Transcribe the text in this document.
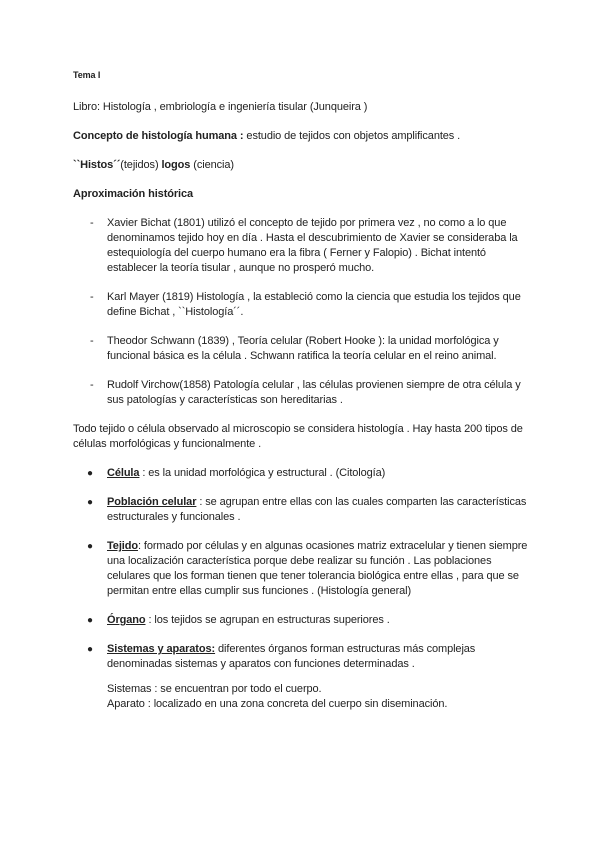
Tema I

Libro: Histología , embriología e ingeniería tisular (Junqueira )

Concepto de histología humana : estudio de tejidos con objetos amplificantes .

``Histos´´(tejidos) logos (ciencia)

Aproximación histórica

- Xavier Bichat (1801) utilizó el concepto de tejido por primera vez , no como a lo que denominamos tejido hoy en día . Hasta el descubrimiento de Xavier se consideraba la estequiología del cuerpo humano era la fibra ( Ferner y Falopio) . Bichat intentó establecer la teoría tisular , aunque no prosperó mucho.
- Karl Mayer (1819) Histología , la estableció como la ciencia que estudia los tejidos que define Bichat , ``Histología´´.
- Theodor Schwann (1839) , Teoría celular (Robert Hooke ): la unidad morfológica y funcional básica es la célula . Schwann ratifica la teoría celular en el reino animal.
- Rudolf Virchow(1858) Patología celular , las células provienen siempre de otra célula y sus patologías y características son hereditarias .

Todo tejido o célula observado al microscopio se considera histología . Hay hasta 200 tipos de células morfológicas y funcionalmente .

● Célula : es la unidad morfológica y estructural . (Citología)
● Población celular : se agrupan entre ellas con las cuales comparten las características estructurales y funcionales .
● Tejido: formado por células y en algunas ocasiones matriz extracelular y tienen siempre una localización característica porque debe realizar su función . Las poblaciones celulares que los forman tienen que tener tolerancia biológica entre ellas , para que se permitan entre ellas cumplir sus funciones . (Histología general)
● Órgano : los tejidos se agrupan en estructuras superiores .
● Sistemas y aparatos: diferentes órganos forman estructuras más complejas denominadas sistemas y aparatos con funciones determinadas .

Sistemas : se encuentran por todo el cuerpo.

Aparato : localizado en una zona concreta del cuerpo sin diseminación.
